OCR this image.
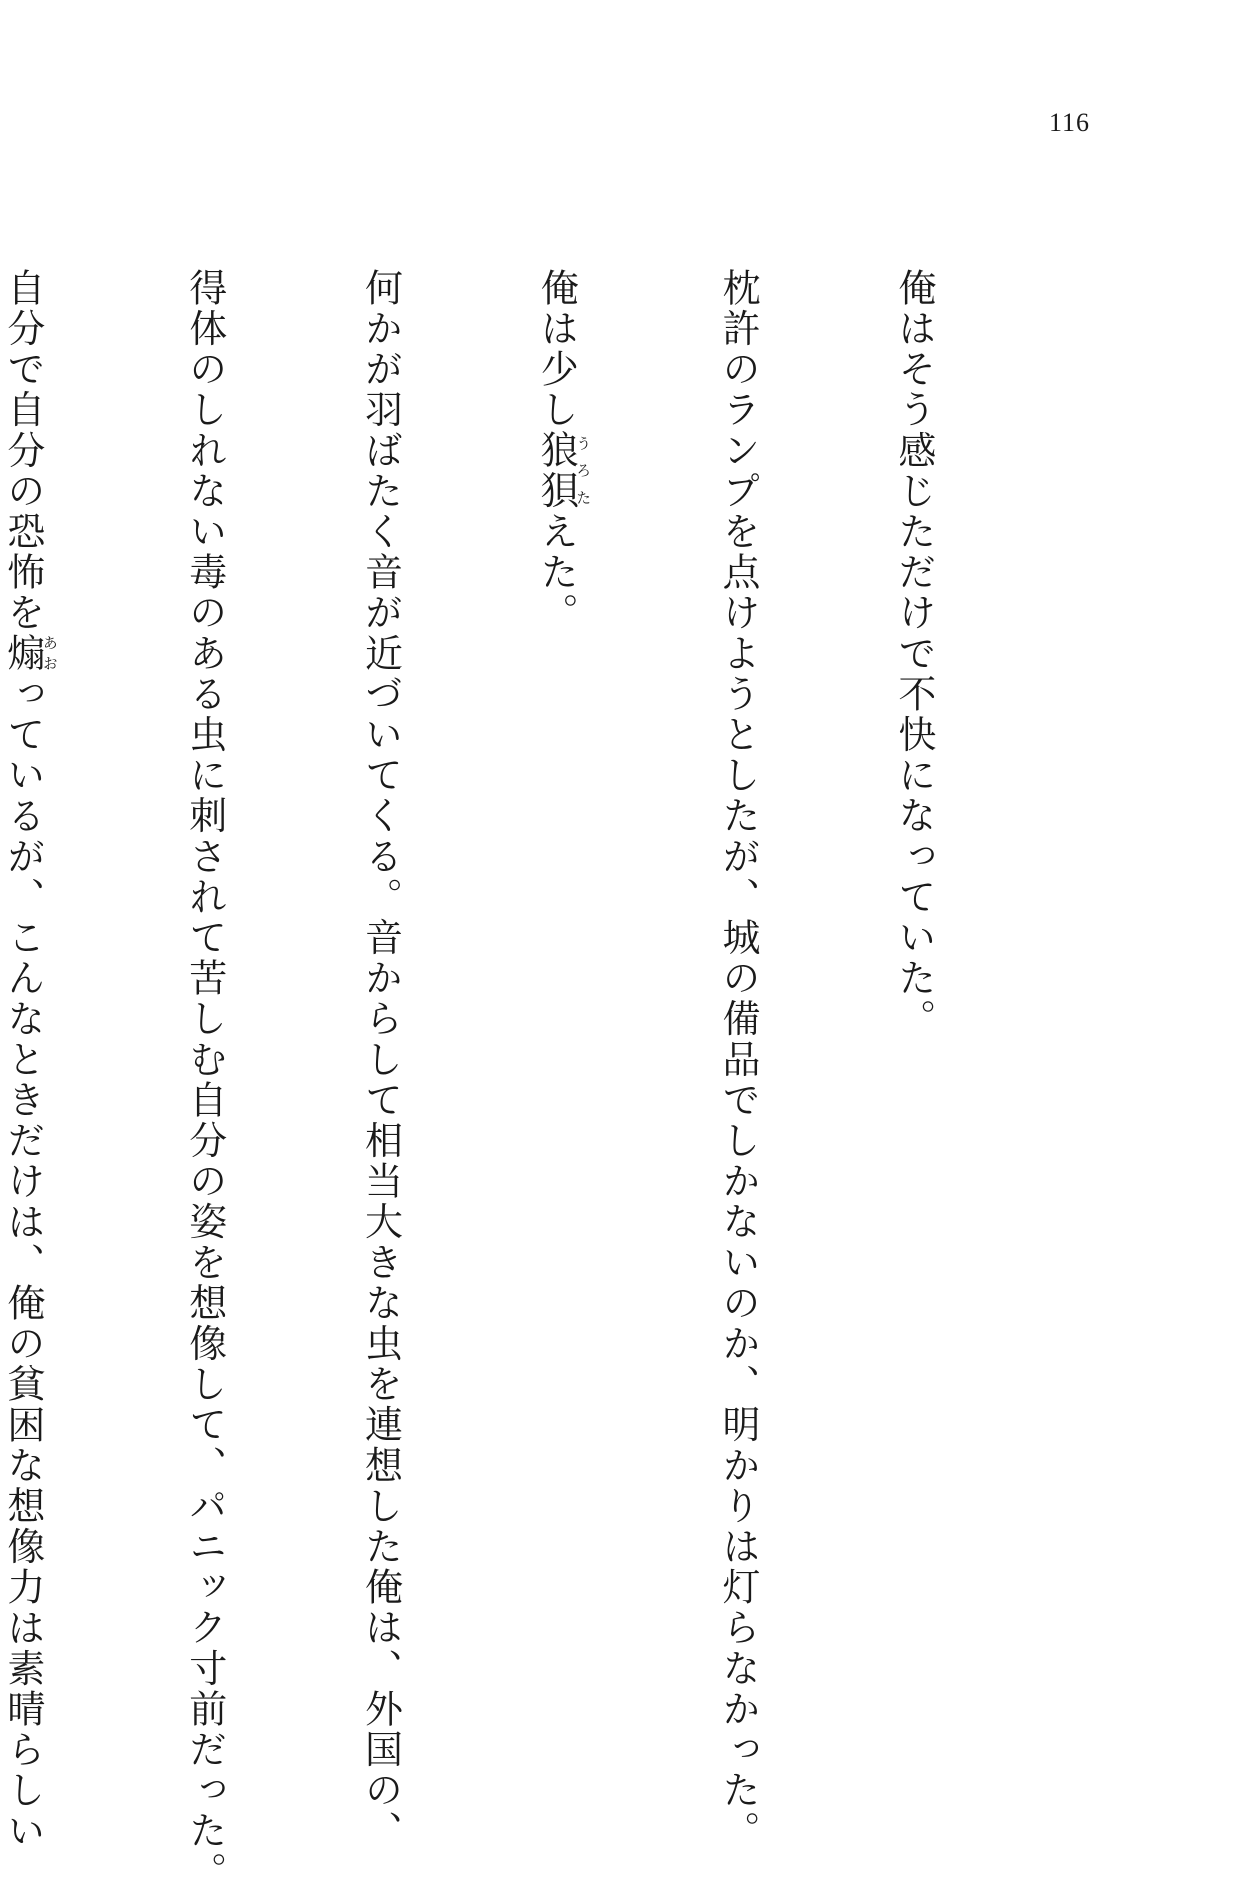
116

俺はそう感じただけで不快になっていた。

枕許のランプを点けようとしたが、城の備品でしかないのか、明かりは灯らなかった。

俺は少し狼狽うろたえた。

何かが羽ばたく音が近づいてくる。音からして相当大きな虫を連想した俺は、外国の、

得体のしれない毒のある虫に刺されて苦しむ自分の姿を想像して、パニック寸前だった。

自分で自分の恐怖を煽あおっているが、こんなときだけは、俺の貧困な想像力は素晴らしい
